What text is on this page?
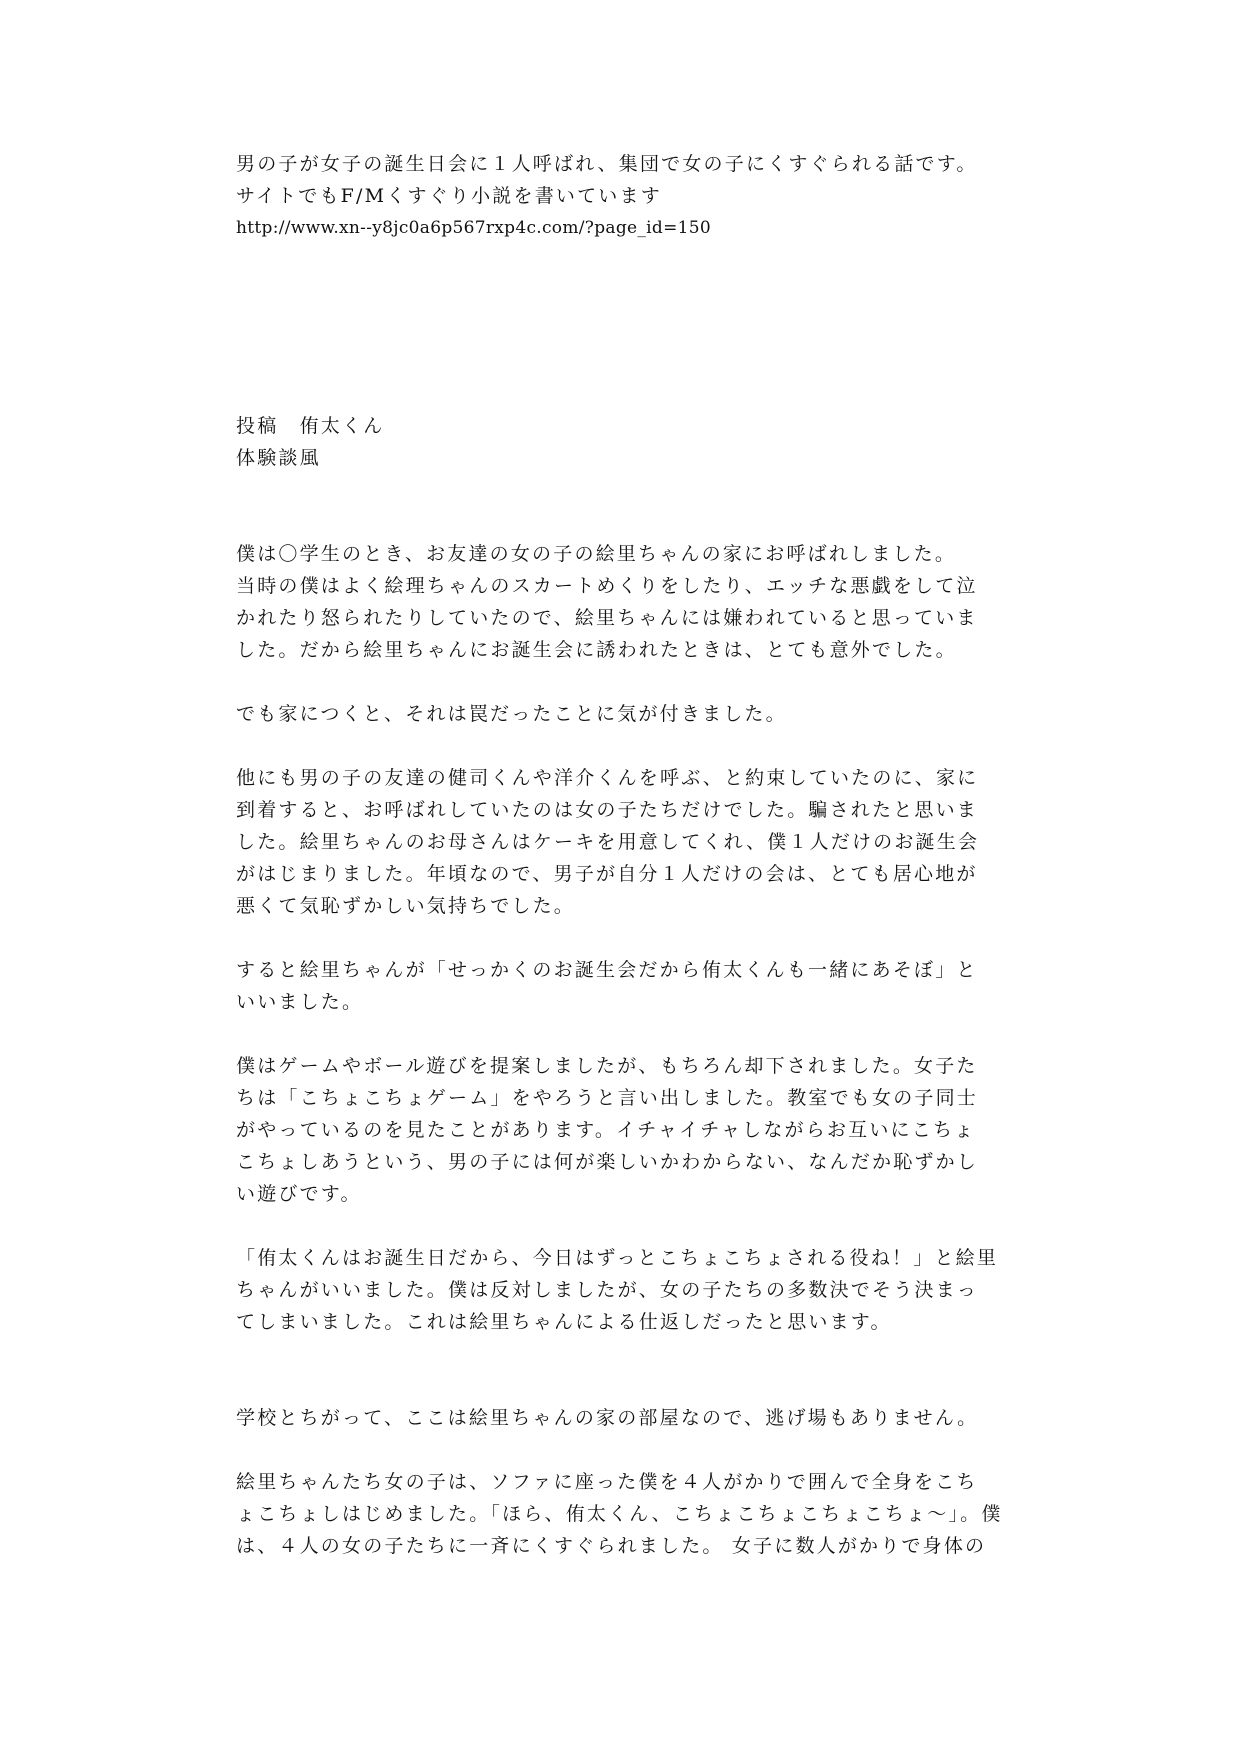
男の子が女子の誕生日会に１人呼ばれ、集団で女の子にくすぐられる話です。
サイトでもF/Mくすぐり小説を書いています
http://www.xn--y8jc0a6p567rxp4c.com/?page_id=150
投稿　侑太くん
体験談風
僕は〇学生のとき、お友達の女の子の絵里ちゃんの家にお呼ばれしました。
当時の僕はよく絵理ちゃんのスカートめくりをしたり、エッチな悪戯をして泣
かれたり怒られたりしていたので、絵里ちゃんには嫌われていると思っていま
した。だから絵里ちゃんにお誕生会に誘われたときは、とても意外でした。
でも家につくと、それは罠だったことに気が付きました。
他にも男の子の友達の健司くんや洋介くんを呼ぶ、と約束していたのに、家に
到着すると、お呼ばれしていたのは女の子たちだけでした。騙されたと思いま
した。絵里ちゃんのお母さんはケーキを用意してくれ、僕１人だけのお誕生会
がはじまりました。年頃なので、男子が自分１人だけの会は、とても居心地が
悪くて気恥ずかしい気持ちでした。
すると絵里ちゃんが「せっかくのお誕生会だから侑太くんも一緒にあそぼ」と
いいました。
僕はゲームやボール遊びを提案しましたが、もちろん却下されました。女子た
ちは「こちょこちょゲーム」をやろうと言い出しました。教室でも女の子同士
がやっているのを見たことがあります。イチャイチャしながらお互いにこちょ
こちょしあうという、男の子には何が楽しいかわからない、なんだか恥ずかし
い遊びです。
「侑太くんはお誕生日だから、今日はずっとこちょこちょされる役ね！」と絵里
ちゃんがいいました。僕は反対しましたが、女の子たちの多数決でそう決まっ
てしまいました。これは絵里ちゃんによる仕返しだったと思います。
学校とちがって、ここは絵里ちゃんの家の部屋なので、逃げ場もありません。
絵里ちゃんたち女の子は、ソファに座った僕を４人がかりで囲んで全身をこち
ょこちょしはじめました。「ほら、侑太くん、こちょこちょこちょこちょ～」。僕
は、４人の女の子たちに一斉にくすぐられました。 女子に数人がかりで身体の
